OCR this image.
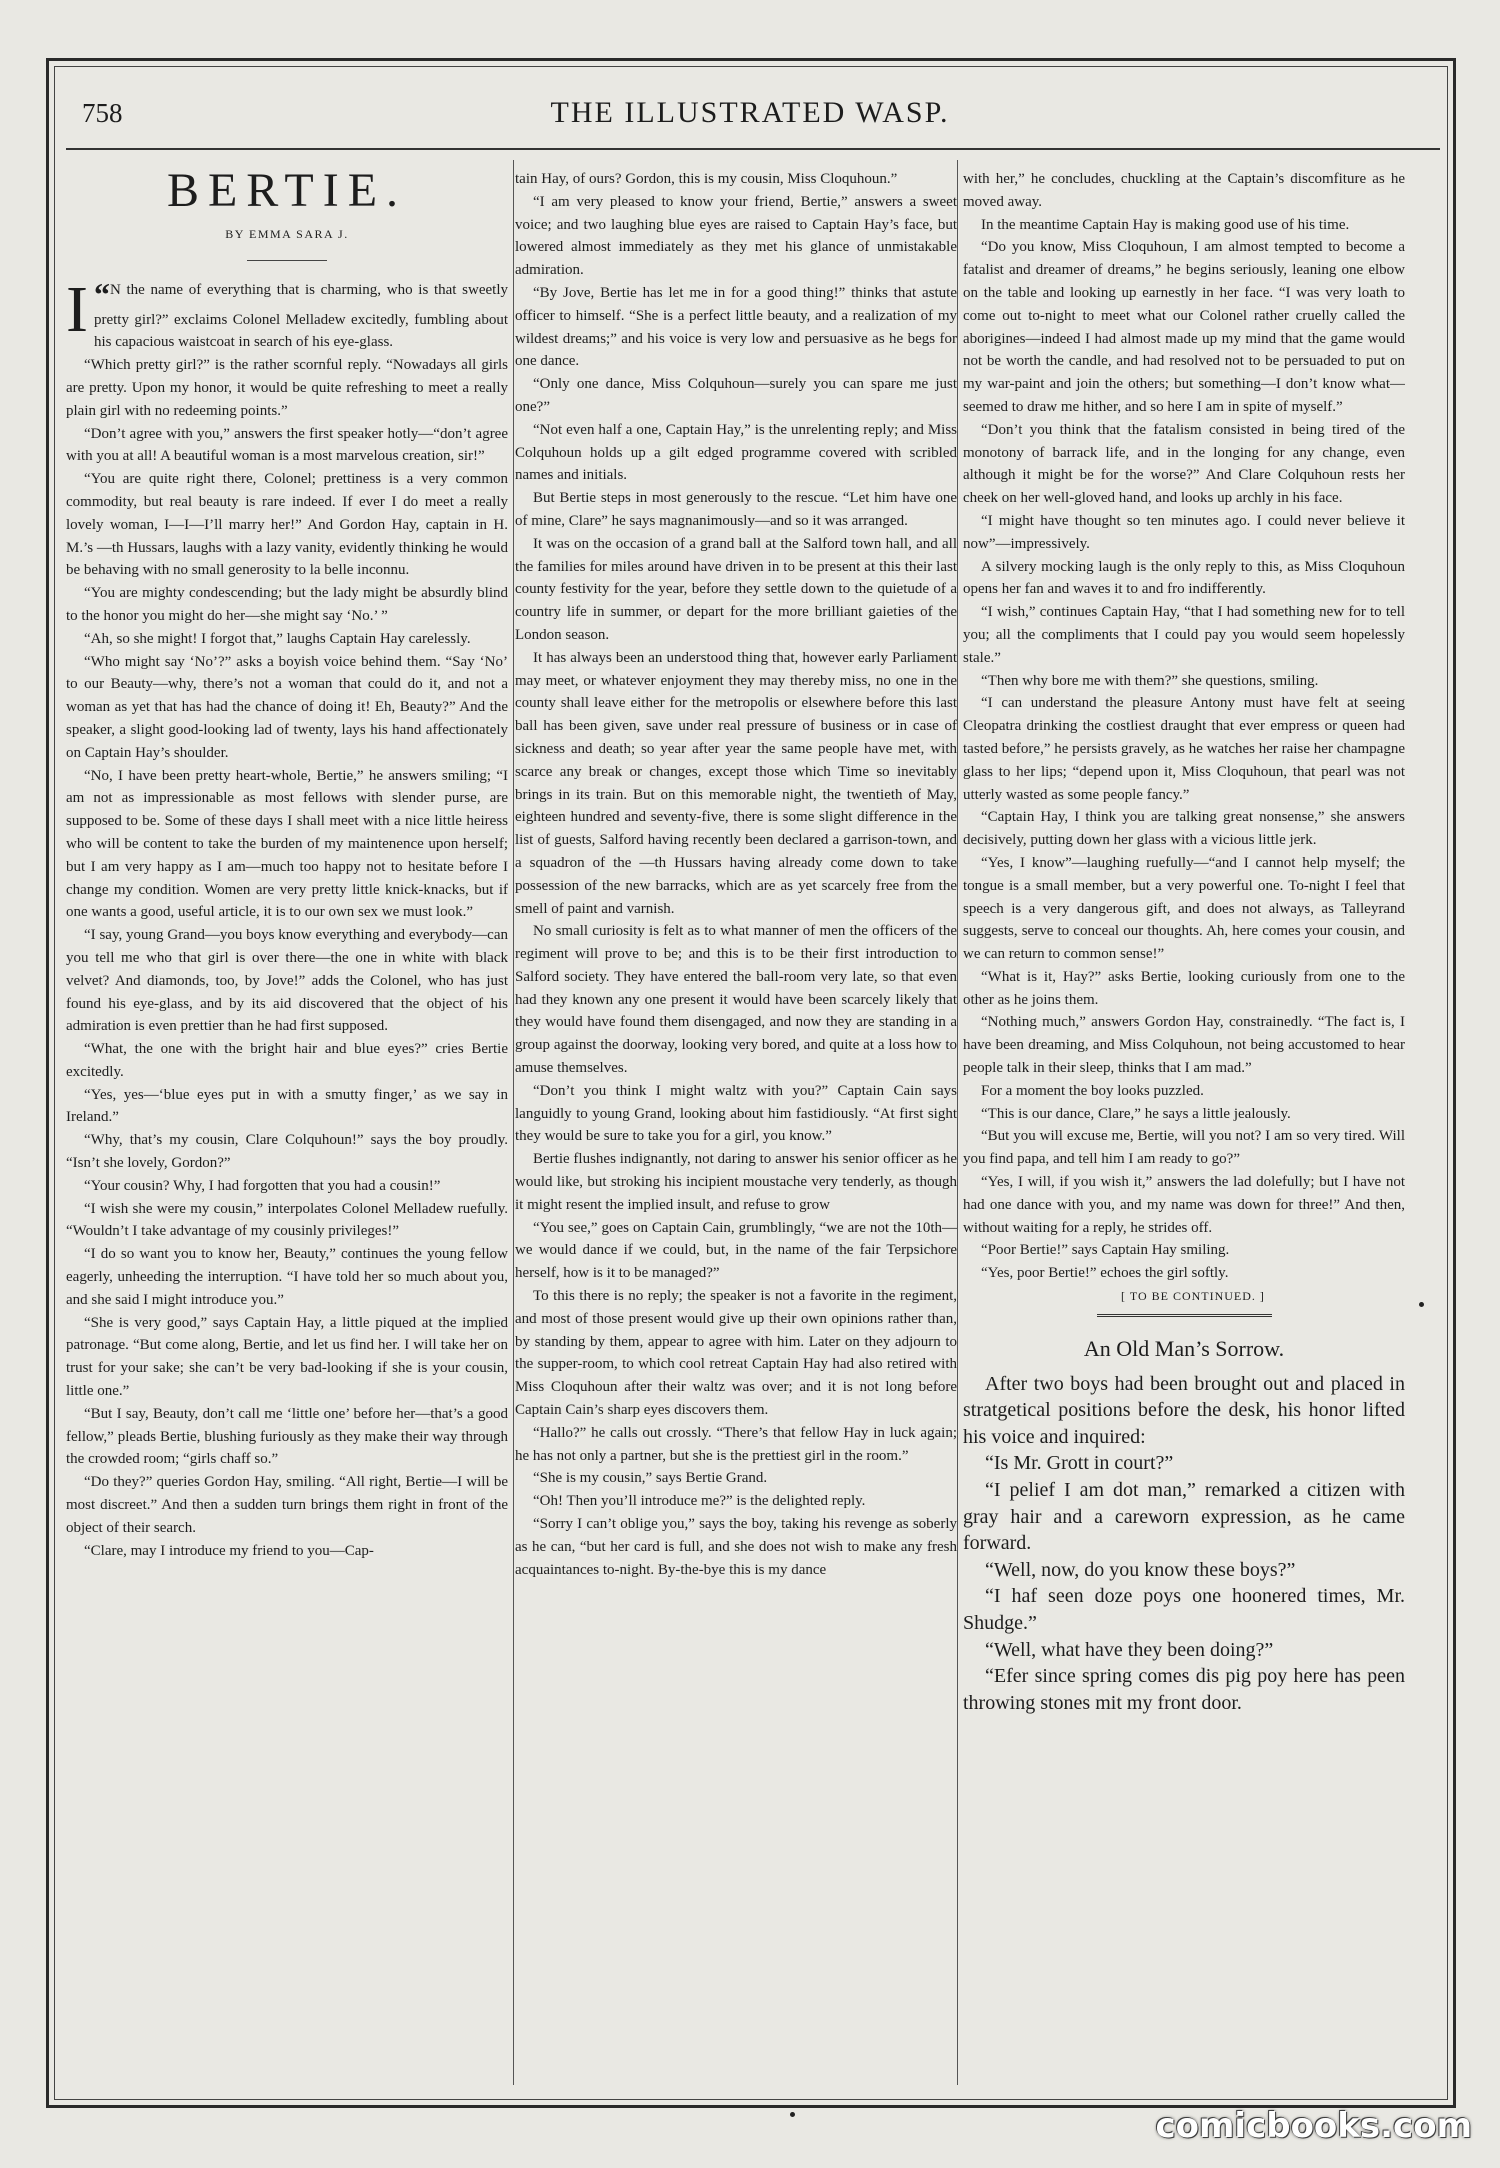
758	THE ILLUSTRATED WASP.
BERTIE.
BY EMMA SARA J.

“
I N the name of everything that is charming, who is that sweetly pretty girl?” exclaims Colonel Melladew excitedly, fumbling about his capacious waistcoat in search of his eye-glass.

“Which pretty girl?” is the rather scornful reply. “Nowadays all girls are pretty. Upon my honor, it would be quite refreshing to meet a really plain girl with no redeeming points.”

“Don’t agree with you,” answers the first speaker hotly—“don’t agree with you at all! A beautiful woman is a most marvelous creation, sir!”

“You are quite right there, Colonel; prettiness is a very common commodity, but real beauty is rare indeed. If ever I do meet a really lovely woman, I—I—I’ll marry her!” And Gordon Hay, captain in H. M.’s —th Hussars, laughs with a lazy vanity, evidently thinking he would be behaving with no small generosity to la belle inconnu.

“You are mighty condescending; but the lady might be absurdly blind to the honor you might do her—she might say ‘No.’ ”

“Ah, so she might! I forgot that,” laughs Captain Hay carelessly.

“Who might say ‘No’?” asks a boyish voice behind them. “Say ‘No’ to our Beauty—why, there’s not a woman that could do it, and not a woman as yet that has had the chance of doing it! Eh, Beauty?” And the speaker, a slight good-looking lad of twenty, lays his hand affectionately on Captain Hay’s shoulder.

“No, I have been pretty heart-whole, Bertie,” he answers smiling; “I am not as impressionable as most fellows with slender purse, are supposed to be. Some of these days I shall meet with a nice little heiress who will be content to take the burden of my maintenence upon herself; but I am very happy as I am—much too happy not to hesitate before I change my condition. Women are very pretty little knick-knacks, but if one wants a good, useful article, it is to our own sex we must look.”

“I say, young Grand—you boys know everything and everybody—can you tell me who that girl is over there—the one in white with black velvet? And diamonds, too, by Jove!” adds the Colonel, who has just found his eye-glass, and by its aid discovered that the object of his admiration is even prettier than he had first supposed.

“What, the one with the bright hair and blue eyes?” cries Bertie excitedly.

“Yes, yes—‘blue eyes put in with a smutty finger,’ as we say in Ireland.”

“Why, that’s my cousin, Clare Colquhoun!” says the boy proudly. “Isn’t she lovely, Gordon?”

“Your cousin? Why, I had forgotten that you had a cousin!”

“I wish she were my cousin,” interpolates Colonel Melladew ruefully. “Wouldn’t I take advantage of my cousinly privileges!”

“I do so want you to know her, Beauty,” continues the young fellow eagerly, unheeding the interruption. “I have told her so much about you, and she said I might introduce you.”

“She is very good,” says Captain Hay, a little piqued at the implied patronage. “But come along, Bertie, and let us find her. I will take her on trust for your sake; she can’t be very bad-looking if she is your cousin, little one.”

“But I say, Beauty, don’t call me ‘little one’ before her—that’s a good fellow,” pleads Bertie, blushing furiously as they make their way through the crowded room; “girls chaff so.”

“Do they?” queries Gordon Hay, smiling. “All right, Bertie—I will be most discreet.” And then a sudden turn brings them right in front of the object of their search.

“Clare, may I introduce my friend to you—Cap-

tain Hay, of ours? Gordon, this is my cousin, Miss Cloquhoun.”

“I am very pleased to know your friend, Bertie,” answers a sweet voice; and two laughing blue eyes are raised to Captain Hay’s face, but lowered almost immediately as they met his glance of unmistakable admiration.

“By Jove, Bertie has let me in for a good thing!” thinks that astute officer to himself. “She is a perfect little beauty, and a realization of my wildest dreams;” and his voice is very low and persuasive as he begs for one dance.

“Only one dance, Miss Colquhoun—surely you can spare me just one?”

“Not even half a one, Captain Hay,” is the unrelenting reply; and Miss Colquhoun holds up a gilt edged programme covered with scribled names and initials.

But Bertie steps in most generously to the rescue. “Let him have one of mine, Clare” he says magnanimously—and so it was arranged.

It was on the occasion of a grand ball at the Salford town hall, and all the families for miles around have driven in to be present at this their last county festivity for the year, before they settle down to the quietude of a country life in summer, or depart for the more brilliant gaieties of the London season.

It has always been an understood thing that, however early Parliament may meet, or whatever enjoyment they may thereby miss, no one in the county shall leave either for the metropolis or elsewhere before this last ball has been given, save under real pressure of business or in case of sickness and death; so year after year the same people have met, with scarce any break or changes, except those which Time so inevitably brings in its train. But on this memorable night, the twentieth of May, eighteen hundred and seventy-five, there is some slight difference in the list of guests, Salford having recently been declared a garrison-town, and a squadron of the —th Hussars having already come down to take possession of the new barracks, which are as yet scarcely free from the smell of paint and varnish.

No small curiosity is felt as to what manner of men the officers of the regiment will prove to be; and this is to be their first introduction to Salford society. They have entered the ball-room very late, so that even had they known any one present it would have been scarcely likely that they would have found them disengaged, and now they are standing in a group against the doorway, looking very bored, and quite at a loss how to amuse themselves.

“Don’t you think I might waltz with you?” Captain Cain says languidly to young Grand, looking about him fastidiously. “At first sight they would be sure to take you for a girl, you know.”

Bertie flushes indignantly, not daring to answer his senior officer as he would like, but stroking his incipient moustache very tenderly, as though it might resent the implied insult, and refuse to grow

“You see,” goes on Captain Cain, grumblingly, “we are not the 10th—we would dance if we could, but, in the name of the fair Terpsichore herself, how is it to be managed?”

To this there is no reply; the speaker is not a favorite in the regiment, and most of those present would give up their own opinions rather than, by standing by them, appear to agree with him. Later on they adjourn to the supper-room, to which cool retreat Captain Hay had also retired with Miss Cloquhoun after their waltz was over; and it is not long before Captain Cain’s sharp eyes discovers them.

“Hallo?” he calls out crossly. “There’s that fellow Hay in luck again; he has not only a partner, but she is the prettiest girl in the room.”

“She is my cousin,” says Bertie Grand.

“Oh! Then you’ll introduce me?” is the delighted reply.

“Sorry I can’t oblige you,” says the boy, taking his revenge as soberly as he can, “but her card is full, and she does not wish to make any fresh acquaintances to-night. By-the-bye this is my dance

with her,” he concludes, chuckling at the Captain’s discomfiture as he moved away.

In the meantime Captain Hay is making good use of his time.

“Do you know, Miss Cloquhoun, I am almost tempted to become a fatalist and dreamer of dreams,” he begins seriously, leaning one elbow on the table and looking up earnestly in her face. “I was very loath to come out to-night to meet what our Colonel rather cruelly called the aborigines—indeed I had almost made up my mind that the game would not be worth the candle, and had resolved not to be persuaded to put on my war-paint and join the others; but something—I don’t know what—seemed to draw me hither, and so here I am in spite of myself.”

“Don’t you think that the fatalism consisted in being tired of the monotony of barrack life, and in the longing for any change, even although it might be for the worse?” And Clare Colquhoun rests her cheek on her well-gloved hand, and looks up archly in his face.

“I might have thought so ten minutes ago. I could never believe it now”—impressively.

A silvery mocking laugh is the only reply to this, as Miss Cloquhoun opens her fan and waves it to and fro indifferently.

“I wish,” continues Captain Hay, “that I had something new for to tell you; all the compliments that I could pay you would seem hopelessly stale.”

“Then why bore me with them?” she questions, smiling.

“I can understand the pleasure Antony must have felt at seeing Cleopatra drinking the costliest draught that ever empress or queen had tasted before,” he persists gravely, as he watches her raise her champagne glass to her lips; “depend upon it, Miss Cloquhoun, that pearl was not utterly wasted as some people fancy.”

“Captain Hay, I think you are talking great nonsense,” she answers decisively, putting down her glass with a vicious little jerk.

“Yes, I know”—laughing ruefully—“and I cannot help myself; the tongue is a small member, but a very powerful one. To-night I feel that speech is a very dangerous gift, and does not always, as Talleyrand suggests, serve to conceal our thoughts. Ah, here comes your cousin, and we can return to common sense!”

“What is it, Hay?” asks Bertie, looking curiously from one to the other as he joins them.

“Nothing much,” answers Gordon Hay, constrainedly. “The fact is, I have been dreaming, and Miss Colquhoun, not being accustomed to hear people talk in their sleep, thinks that I am mad.”

For a moment the boy looks puzzled.

“This is our dance, Clare,” he says a little jealously.

“But you will excuse me, Bertie, will you not? I am so very tired. Will you find papa, and tell him I am ready to go?”

“Yes, I will, if you wish it,” answers the lad dolefully; but I have not had one dance with you, and my name was down for three!” And then, without waiting for a reply, he strides off.

“Poor Bertie!” says Captain Hay smiling.

“Yes, poor Bertie!” echoes the girl softly.

[ TO BE CONTINUED. ]

An Old Man’s Sorrow.

After two boys had been brought out and placed in stratgetical positions before the desk, his honor lifted his voice and inquired:

“Is Mr. Grott in court?”

“I pelief I am dot man,” remarked a citizen with gray hair and a careworn expression, as he came forward.

“Well, now, do you know these boys?”

“I haf seen doze poys one hoonered times, Mr. Shudge.”

“Well, what have they been doing?”

“Efer since spring comes dis pig poy here has peen throwing stones mit my front door.

comicbooks.com
